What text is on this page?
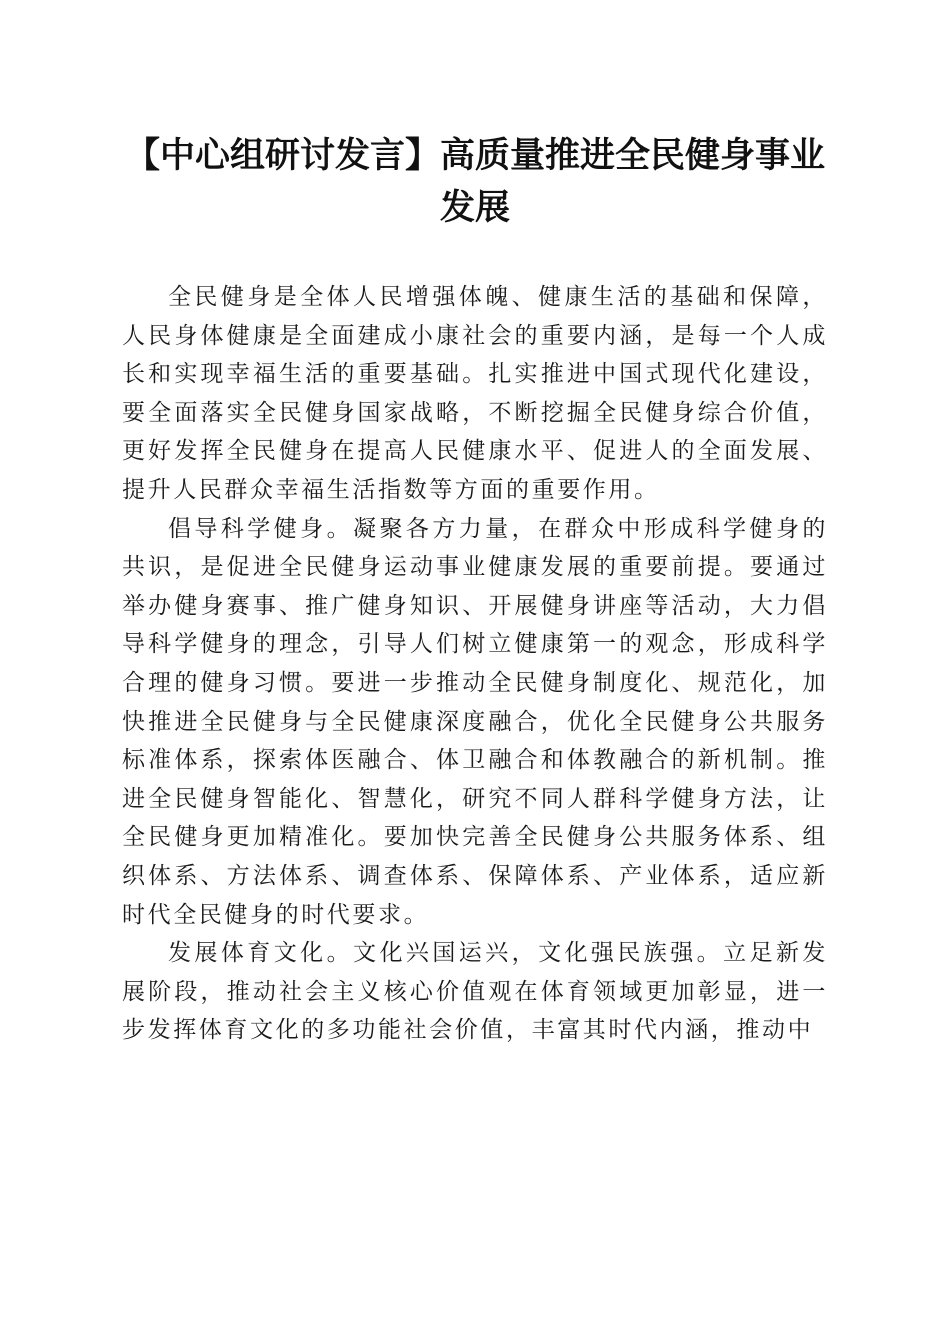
【中心组研讨发言】高质量推进全民健身事业发展

全民健身是全体人民增强体魄、健康生活的基础和保障，人民身体健康是全面建成小康社会的重要内涵，是每一个人成长和实现幸福生活的重要基础。扎实推进中国式现代化建设，要全面落实全民健身国家战略，不断挖掘全民健身综合价值，更好发挥全民健身在提高人民健康水平、促进人的全面发展、提升人民群众幸福生活指数等方面的重要作用。

倡导科学健身。凝聚各方力量，在群众中形成科学健身的共识，是促进全民健身运动事业健康发展的重要前提。要通过举办健身赛事、推广健身知识、开展健身讲座等活动，大力倡导科学健身的理念，引导人们树立健康第一的观念，形成科学合理的健身习惯。要进一步推动全民健身制度化、规范化，加快推进全民健身与全民健康深度融合，优化全民健身公共服务标准体系，探索体医融合、体卫融合和体教融合的新机制。推进全民健身智能化、智慧化，研究不同人群科学健身方法，让全民健身更加精准化。要加快完善全民健身公共服务体系、组织体系、方法体系、调查体系、保障体系、产业体系，适应新时代全民健身的时代要求。

发展体育文化。文化兴国运兴，文化强民族强。立足新发展阶段，推动社会主义核心价值观在体育领域更加彰显，进一步发挥体育文化的多功能社会价值，丰富其时代内涵，推动中
